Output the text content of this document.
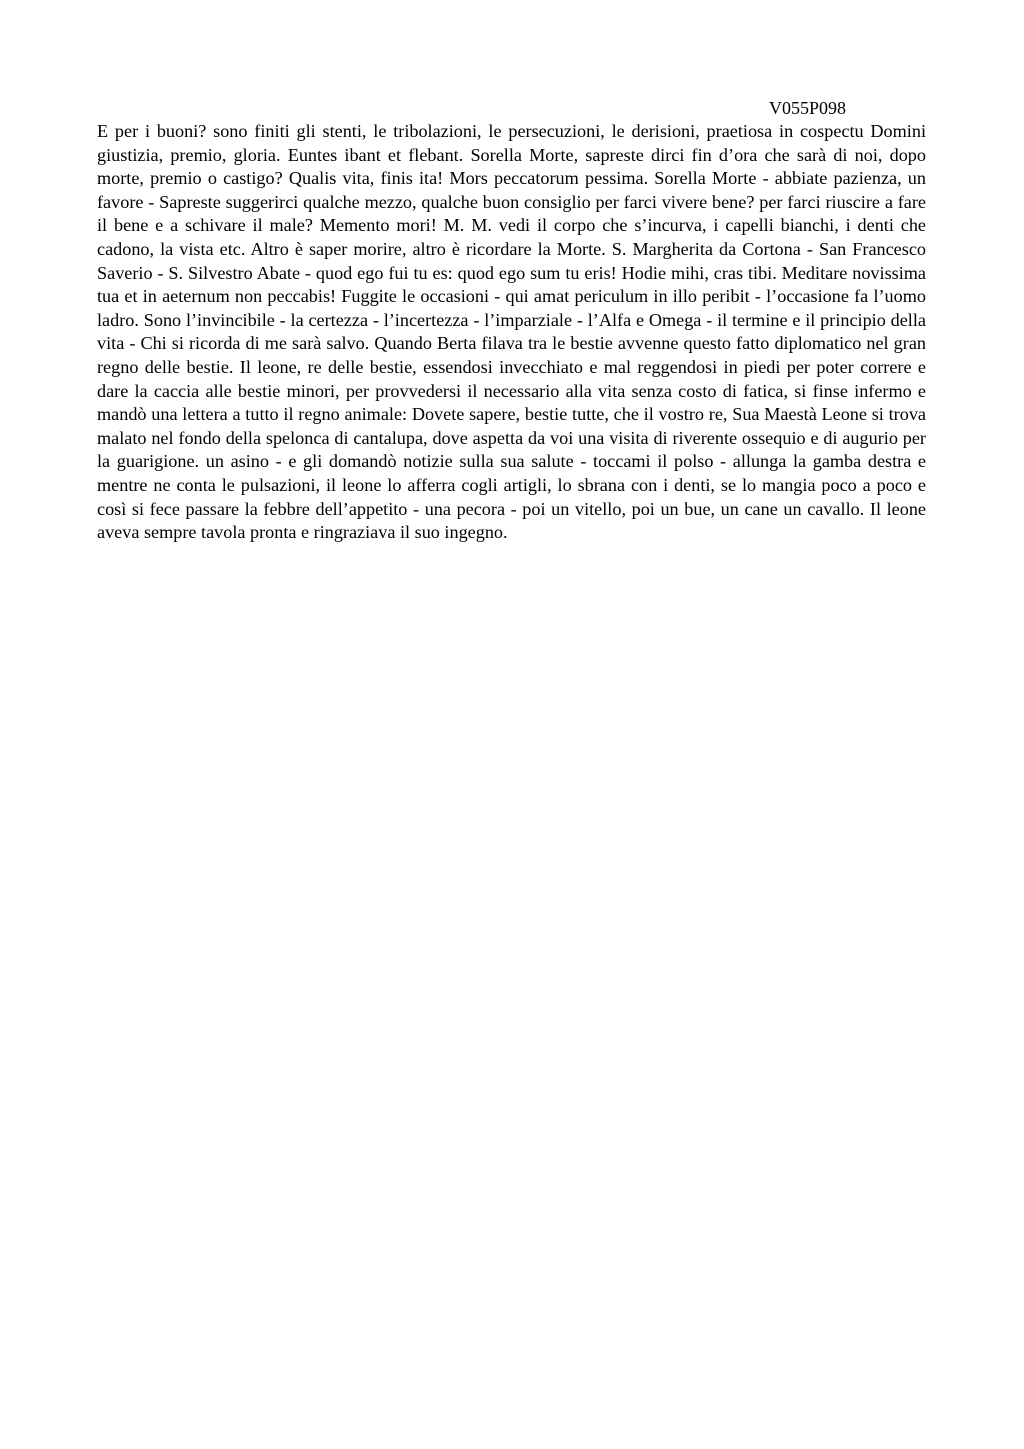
V055P098

E per i buoni? sono finiti gli stenti, le tribolazioni, le persecuzioni, le derisioni, praetiosa in cospectu Domini giustizia, premio, gloria. Euntes ibant et flebant. Sorella Morte, sapreste dirci fin d’ora che sarà di noi, dopo morte, premio o castigo? Qualis vita, finis ita! Mors peccatorum pessima. Sorella Morte - abbiate pazienza, un favore - Sapreste suggerirci qualche mezzo, qualche buon consiglio per farci vivere bene? per farci riuscire a fare il bene e a schivare il male? Memento mori! M. M. vedi il corpo che s’incurva, i capelli bianchi, i denti che cadono, la vista etc. Altro è saper morire, altro è ricordare la Morte. S. Margherita da Cortona - San Francesco Saverio - S. Silvestro Abate - quod ego fui tu es: quod ego sum tu eris! Hodie mihi, cras tibi. Meditare novissima tua et in aeternum non peccabis! Fuggite le occasioni - qui amat periculum in illo peribit - l’occasione fa l’uomo ladro. Sono l’invincibile - la certezza - l’incertezza - l’imparziale - l’Alfa e Omega - il termine e il principio della vita - Chi si ricorda di me sarà salvo. Quando Berta filava tra le bestie avvenne questo fatto diplomatico nel gran regno delle bestie. Il leone, re delle bestie, essendosi invecchiato e mal reggendosi in piedi per poter correre e dare la caccia alle bestie minori, per provvedersi il necessario alla vita senza costo di fatica, si finse infermo e mandò una lettera a tutto il regno animale: Dovete sapere, bestie tutte, che il vostro re, Sua Maestà Leone si trova malato nel fondo della spelonca di cantalupa, dove aspetta da voi una visita di riverente ossequio e di augurio per la guarigione. un asino - e gli domandò notizie sulla sua salute - toccami il polso - allunga la gamba destra e mentre ne conta le pulsazioni, il leone lo afferra cogli artigli, lo sbrana con i denti, se lo mangia poco a poco e così si fece passare la febbre dell’appetito - una pecora - poi un vitello, poi un bue, un cane un cavallo. Il leone aveva sempre tavola pronta e ringraziava il suo ingegno.
